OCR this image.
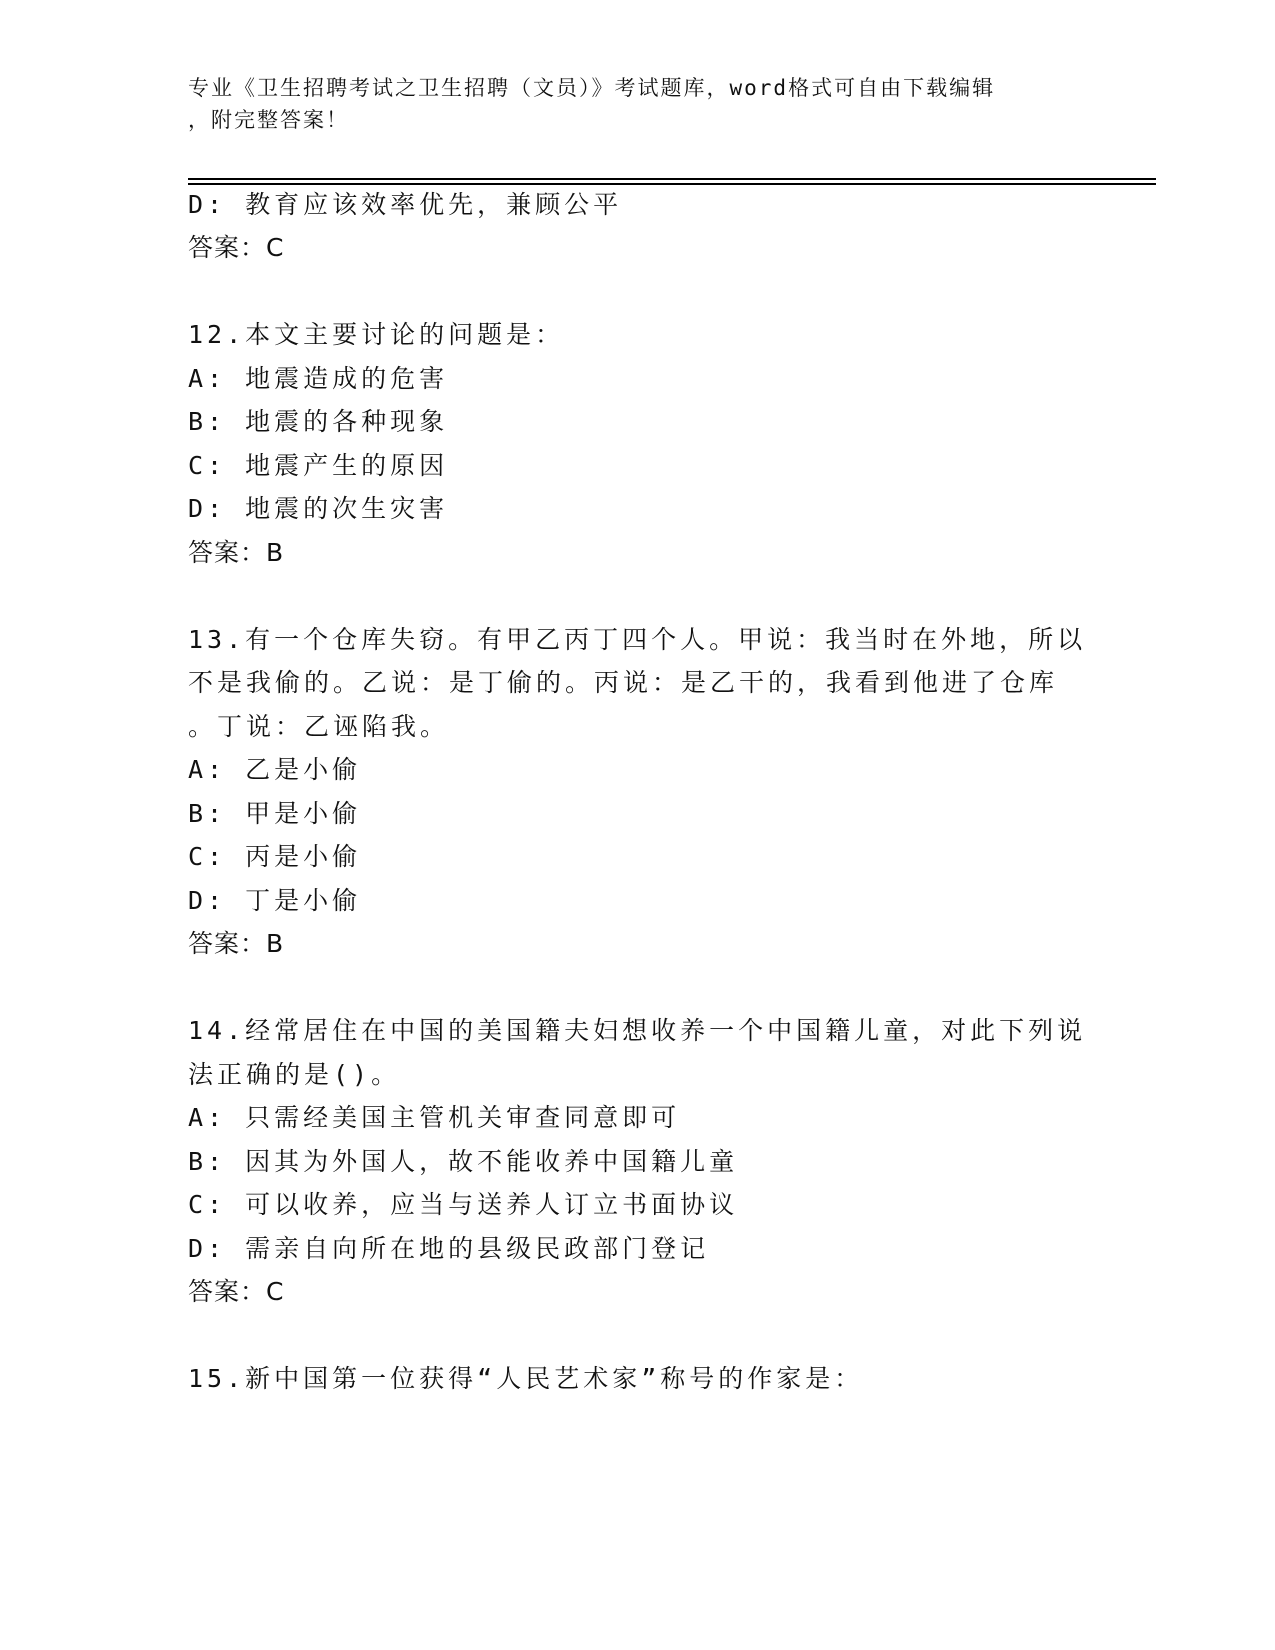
专业《卫生招聘考试之卫生招聘（文员）》考试题库，word格式可自由下载编辑
，附完整答案！
D: 教育应该效率优先，兼顾公平
答案：C
12.本文主要讨论的问题是：
A: 地震造成的危害
B: 地震的各种现象
C: 地震产生的原因
D: 地震的次生灾害
答案：B
13.有一个仓库失窃。有甲乙丙丁四个人。甲说：我当时在外地，所以
不是我偷的。乙说：是丁偷的。丙说：是乙干的，我看到他进了仓库
。丁说：乙诬陷我。
A: 乙是小偷
B: 甲是小偷
C: 丙是小偷
D: 丁是小偷
答案：B
14.经常居住在中国的美国籍夫妇想收养一个中国籍儿童，对此下列说
法正确的是()。
A: 只需经美国主管机关审查同意即可
B: 因其为外国人，故不能收养中国籍儿童
C: 可以收养，应当与送养人订立书面协议
D: 需亲自向所在地的县级民政部门登记
答案：C
15.新中国第一位获得“人民艺术家”称号的作家是：
